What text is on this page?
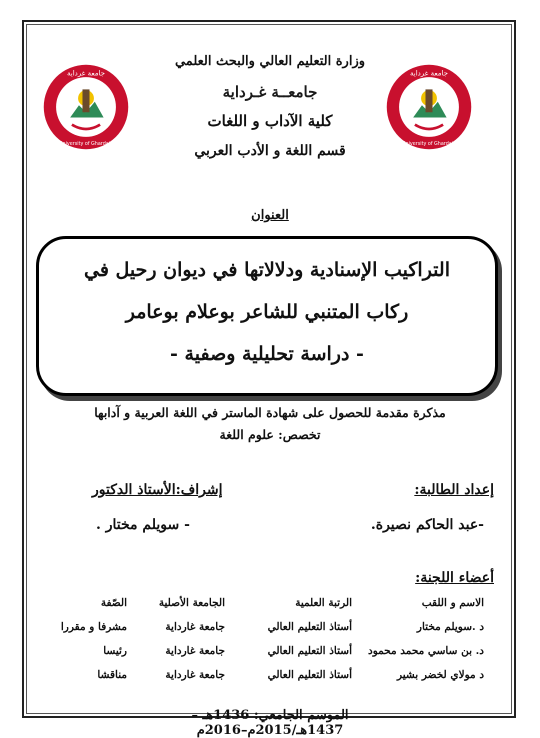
جامعة غرداية
University of Ghardaia
جامعة غرداية
University of Ghardaia
وزارة التعليم العالي والبحث العلمي
جامعــة غـرداية
كلية الآداب و اللغات
قسم اللغة و الأدب العربي
العنوان
التراكيب الإسنادية ودلالاتها في ديوان رحيل في
ركاب المتنبي للشاعر بوعلام بوعامر
- دراسة تحليلية وصفية -
مذكرة مقدمة للحصول على شهادة الماستر في اللغة العربية و آدابها
تخصص: علوم اللغة
إعداد الطالبة:
إشراف:الأستاذ الدكتور
-عبد الحاكم نصيرة.
- سويلم مختار .
أعضاء اللجنة:
الاسم و اللقب
الرتبة العلمية
الجامعة الأصلية
الصّفة
د .سويلم مختار
أستاذ التعليم العالي
جامعة غارداية
مشرفا و مقررا
د. بن ساسي محمد محمود
أستاذ التعليم العالي
جامعة غارداية
رئيسا
د مولاي لخضر بشير
أستاذ التعليم العالي
جامعة غارداية
مناقشا
الموسم الجامعي: 1436هـ – 1437هـ/2015م–2016م
